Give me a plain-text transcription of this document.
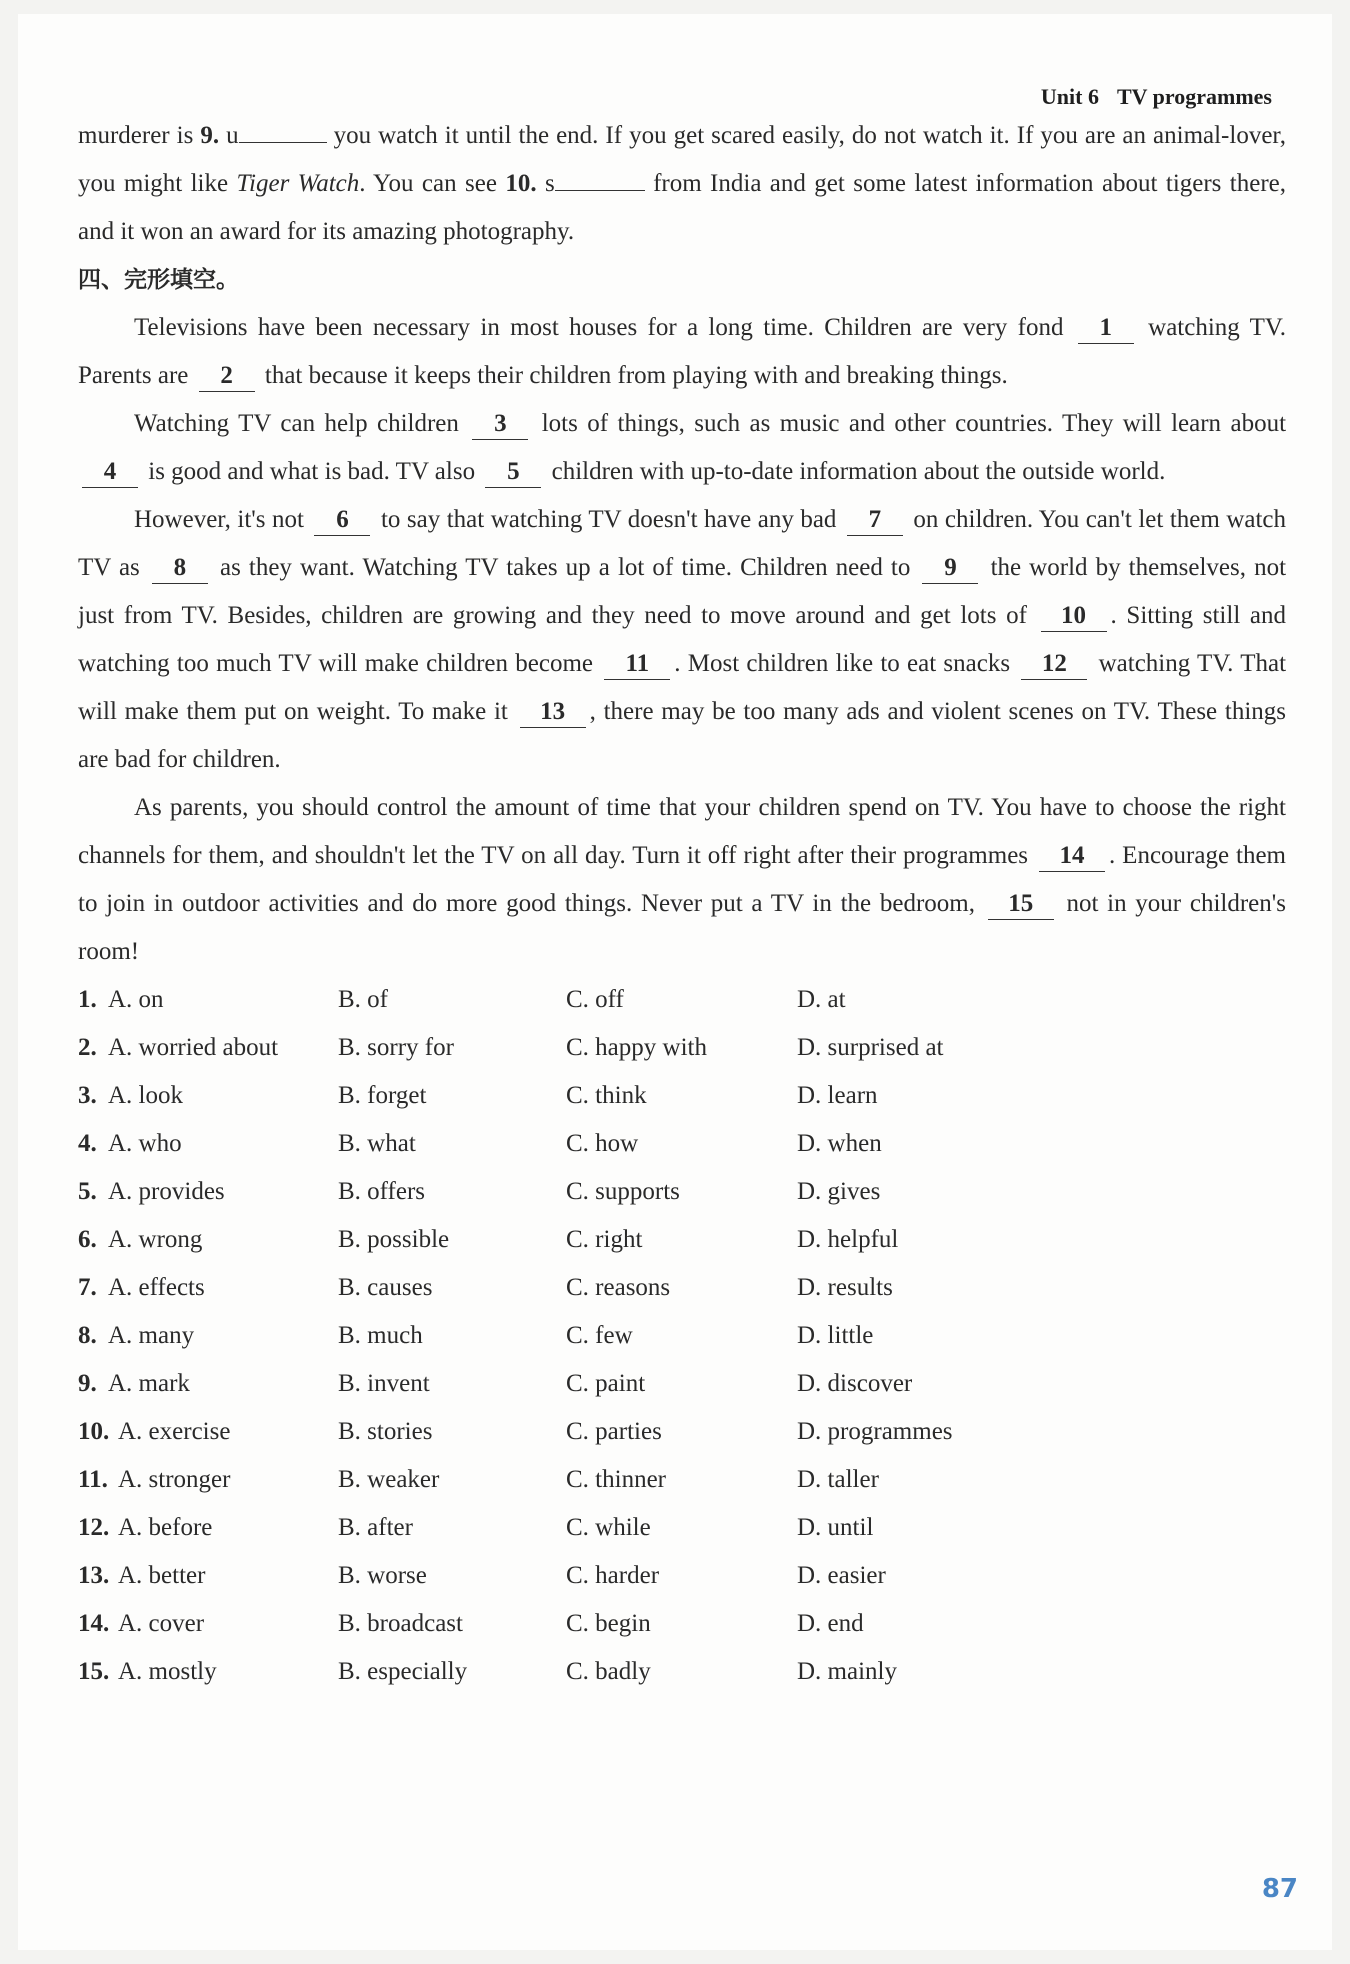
Unit 6 TV programmes

murderer is 9. u	you watch it until the end. If you get scared easily, do not watch it. If you are an animal-lover, you might like Tiger Watch. You can see 10. s	from India and get some latest information about tigers there, and it won an award for its amazing photography.

四、完形填空。

Televisions have been necessary in most houses for a long time. Children are very fond 1 watching TV. Parents are 2 that because it keeps their children from playing with and breaking things.

Watching TV can help children 3 lots of things, such as music and other countries. They will learn about 4 is good and what is bad. TV also 5 children with up-to-date information about the outside world.

However, it's not 6 to say that watching TV doesn't have any bad 7 on children. You can't let them watch TV as 8 as they want. Watching TV takes up a lot of time. Children need to 9 the world by themselves, not just from TV. Besides, children are growing and they need to move around and get lots of 10 . Sitting still and watching too much TV will make children become 11 . Most children like to eat snacks 12 watching TV. That will make them put on weight. To make it 13 , there may be too many ads and violent scenes on TV. These things are bad for children.

As parents, you should control the amount of time that your children spend on TV. You have to choose the right channels for them, and shouldn't let the TV on all day. Turn it off right after their programmes 14 . Encourage them to join in outdoor activities and do more good things. Never put a TV in the bedroom, 15 not in your children's room!

1. A. on	B. of	C. off	D. at
2. A. worried about B. sorry for	C. happy with	D. surprised at
3. A. look	B. forget	C. think	D. learn
4. A. who	B. what	C. how	D. when
5. A. provides	B. offers	C. supports	D. gives
6. A. wrong	B. possible	C. right	D. helpful
7. A. effects	B. causes	C. reasons	D. results
8. A. many	B. much	C. few	D. little
9. A. mark	B. invent	C. paint	D. discover
10. A. exercise	B. stories	C. parties	D. programmes
11. A. stronger	B. weaker	C. thinner	D. taller
12. A. before	B. after	C. while	D. until
13. A. better	B. worse	C. harder	D. easier
14. A. cover	B. broadcast	C. begin	D. end
15. A. mostly	B. especially	C. badly	D. mainly
87
